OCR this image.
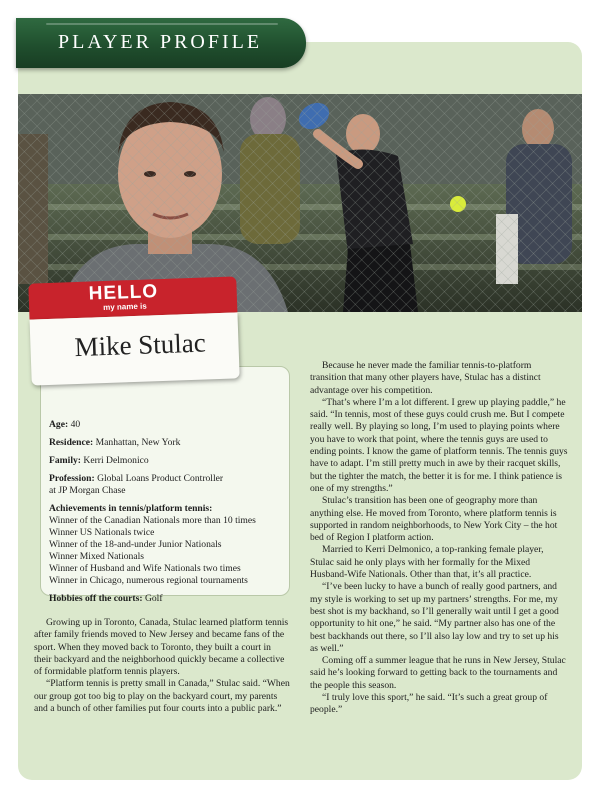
PLAYER PROFILE
HELLO
my name is
Mike Stulac
Age: 40
Residence: Manhattan, New York
Family: Kerri Delmonico
Profession: Global Loans Product Controller
at JP Morgan Chase
Achievements in tennis/platform tennis:
Winner of the Canadian Nationals more than 10 times
Winner US Nationals twice
Winner of the 18-and-under Junior Nationals
Winner Mixed Nationals
Winner of Husband and Wife Nationals two times
Winner in Chicago, numerous regional tournaments
Hobbies off the courts: Golf

Growing up in Toronto, Canada, Stulac learned platform tennis after family friends moved to New Jersey and became fans of the sport. When they moved back to Toronto, they built a court in their backyard and the neighborhood quickly became a collective of formidable platform tennis players.

“Platform tennis is pretty small in Canada,” Stulac said. “When our group got too big to play on the backyard court, my parents and a bunch of other families put four courts into a public park.”

Because he never made the familiar tennis-to-platform transition that many other players have, Stulac has a distinct advantage over his competition.

“That’s where I’m a lot different. I grew up playing paddle,” he said. “In tennis, most of these guys could crush me. But I compete really well. By playing so long, I’m used to playing points where you have to work that point, where the tennis guys are used to ending points. I know the game of platform tennis. The tennis guys have to adapt. I’m still pretty much in awe by their racquet skills, but the tighter the match, the better it is for me. I think patience is one of my strengths.”

Stulac’s transition has been one of geography more than anything else. He moved from Toronto, where platform tennis is supported in random neighborhoods, to New York City – the hot bed of Region I platform action.

Married to Kerri Delmonico, a top-ranking female player, Stulac said he only plays with her formally for the Mixed Husband-Wife Nationals. Other than that, it’s all practice.

“I’ve been lucky to have a bunch of really good partners, and my style is working to set up my partners’ strengths. For me, my best shot is my backhand, so I’ll generally wait until I get a good opportunity to hit one,” he said. “My partner also has one of the best backhands out there, so I’ll also lay low and try to set up his as well.”

Coming off a summer league that he runs in New Jersey, Stulac said he’s looking forward to getting back to the tournaments and the people this season.

“I truly love this sport,” he said. “It’s such a great group of people.”
